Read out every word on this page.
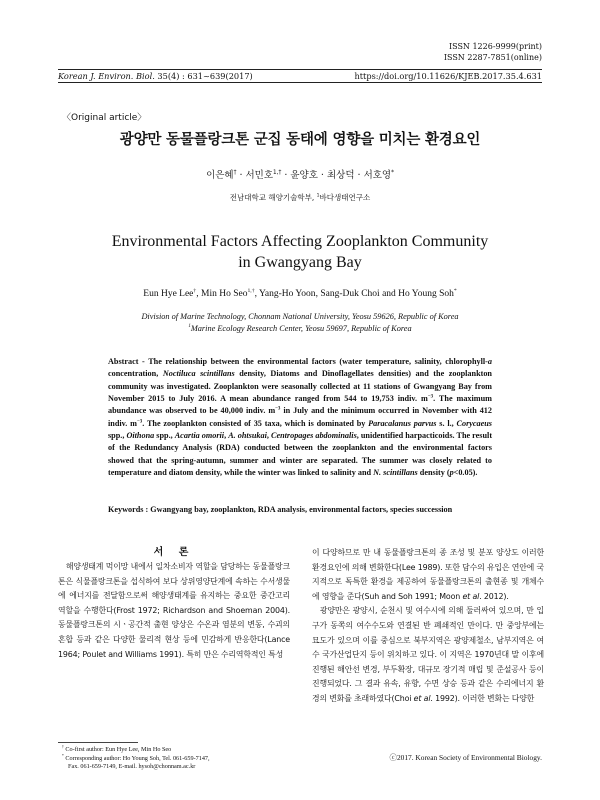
ISSN 1226-9999(print)
ISSN 2287-7851(online)
Korean J. Environ. Biol. 35(4) : 631~639(2017)	https://doi.org/10.11626/KJEB.2017.35.4.631
〈Original article〉
광양만 동물플랑크톤 군집 동태에 영향을 미치는 환경요인
이은혜† · 서민호$^{1,\dagger}$ · 윤양호 · 최상덕 · 서호영*
전남대학교 해양기술학부, $^1$바다생태연구소
Environmental Factors Affecting Zooplankton Community
in Gwangyang Bay
Eun Hye Lee†, Min Ho Seo$^{1,\dagger}$, Yang-Ho Yoon, Sang-Duk Choi and Ho Young Soh*
Division of Marine Technology, Chonnam National University, Yeosu 59626, Republic of Korea
$^1$Marine Ecology Research Center, Yeosu 59697, Republic of Korea
Abstract - The relationship between the environmental factors (water temperature, salinity, chlorophyll-a concentration, Noctiluca scintillans density, Diatoms and Dinoflagellates densities) and the zooplankton community was investigated. Zooplankton were seasonally collected at 11 stations of Gwangyang Bay from November 2015 to July 2016. A mean abundance ranged from 544 to 19,753 indiv. $m^{-3}$. The maximum abundance was observed to be 40,000 indiv. $m^{-3}$ in July and the minimum occurred in November with 412 indiv. $m^{-3}$. The zooplankton consisted of 35 taxa, which is dominated by Paracalanus parvus s. l., Corycaeus spp., Oithona spp., Acartia omorii, A. ohtsukai, Centropages abdominalis, unidentified harpacticoids. The result of the Redundancy Analysis (RDA) conducted between the zooplankton and the environmental factors showed that the spring-autumn, summer and winter are separated. The summer was closely related to temperature and diatom density, while the winter was linked to salinity and N. scintillans density (p<0.05).
Keywords : Gwangyang bay, zooplankton, RDA analysis, environmental factors, species succession
서 론
해양생태계 먹이망 내에서 일차소비자 역할을 담당하는 동물플랑크톤은 식물플랑크톤을 섭식하여 보다 상위영양단계에 속하는 수서생물에 에너지를 전달함으로써 해양생태계를 유지하는 중요한 중간고리 역할을 수행한다(Frost 1972; Richardson and Shoeman 2004). 동물플랑크톤의 시ㆍ공간적 출현 양상은 수온과 염분의 변동, 수괴의 혼합 등과 같은 다양한 물리적 현상 등에 민감하게 반응한다(Lance 1964; Poulet and Williams 1991). 특히 만은 수리역학적인 특성
이 다양하므로 만 내 동물플랑크톤의 종 조성 및 분포 양상도 이러한 환경요인에 의해 변화한다(Lee 1989). 또한 담수의 유입은 연안에 국지적으로 독특한 환경을 제공하여 동물플랑크톤의 출현종 및 개체수에 영향을 준다(Suh and Soh 1991; Moon et al. 2012).
광양만은 광양시, 순천시 및 여수시에 의해 둘러싸여 있으며, 만 입구가 동쪽의 여수수도와 연결된 반 폐쇄적인 만이다. 만 중앙부에는 묘도가 있으며 이를 중심으로 북부지역은 광양제철소, 남부지역은 여수 국가산업단지 등이 위치하고 있다. 이 지역은 1970년대 말 이후에 진행된 해안선 변경, 부두확장, 대규모 장기적 매립 및 준설공사 등이 진행되었다. 그 결과 유속, 유향, 수면 상승 등과 같은 수리에너지 환경의 변화를 초래하였다(Choi et al. 1992). 이러한 변화는 다양한
† Co-first author: Eun Hye Lee, Min Ho Seo
* Corresponding author: Ho Young Soh, Tel. 061-659-7147,
Fax. 061-659-7149, E-mail. hysoh@chonnam.ac.kr
ⓒ2017. Korean Society of Environmental Biology.
